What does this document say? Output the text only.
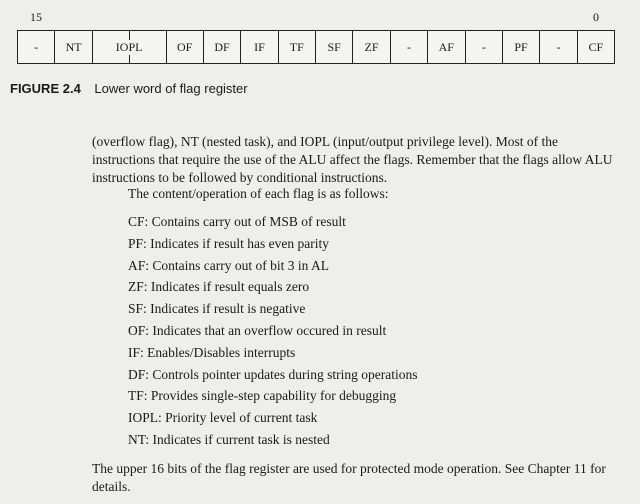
15	0
-	NT	IOPL	OF	DF	IF	TF	SF	ZF	-	AF	-	PF	-	CF
FIGURE 2.4 Lower word of flag register

(overflow flag), NT (nested task), and IOPL (input/output privilege level). Most of the instructions that require the use of the ALU affect the flags. Remember that the flags allow ALU instructions to be followed by conditional instructions.

The content/operation of each flag is as follows:
CF: Contains carry out of MSB of result
PF: Indicates if result has even parity
AF: Contains carry out of bit 3 in AL
ZF: Indicates if result equals zero
SF: Indicates if result is negative
OF: Indicates that an overflow occured in result
IF: Enables/Disables interrupts
DF: Controls pointer updates during string operations
TF: Provides single-step capability for debugging
IOPL: Priority level of current task
NT: Indicates if current task is nested

The upper 16 bits of the flag register are used for protected mode operation. See Chapter 11 for details.
